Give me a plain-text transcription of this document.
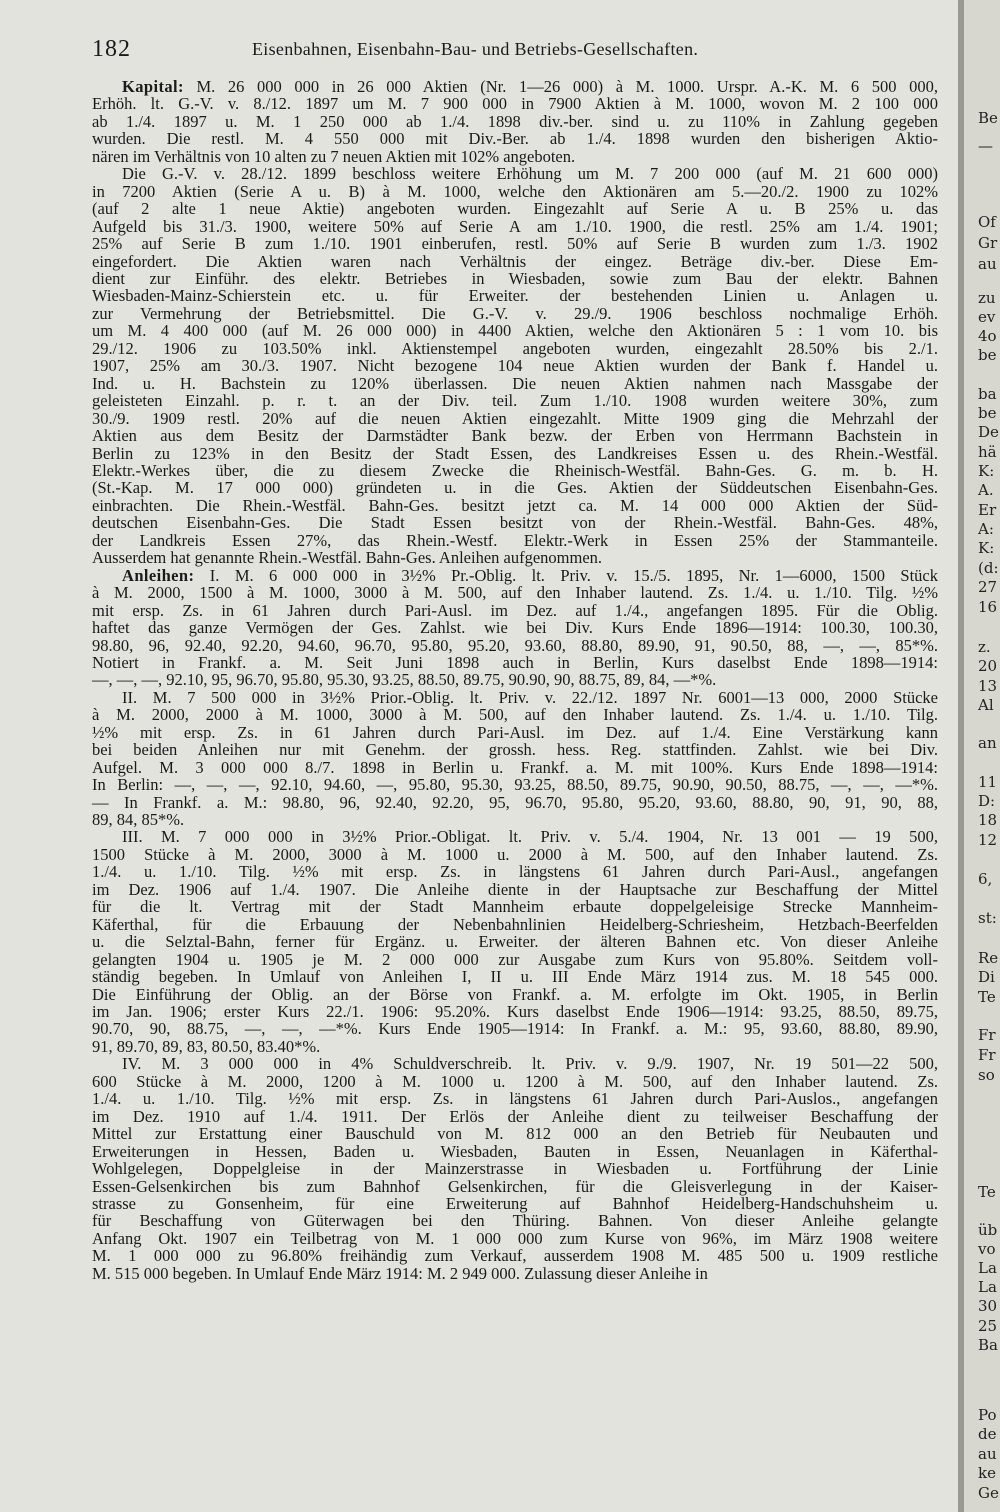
182	Eisenbahnen, Eisenbahn-Bau- und Betriebs-Gesellschaften.

Kapital: M. 26 000 000 in 26 000 Aktien (Nr. 1—26 000) à M. 1000. Urspr. A.-K. M. 6 500 000,
Erhöh. lt. G.-V. v. 8./12. 1897 um M. 7 900 000 in 7900 Aktien à M. 1000, wovon M. 2 100 000
ab 1./4. 1897 u. M. 1 250 000 ab 1./4. 1898 div.-ber. sind u. zu 110% in Zahlung gegeben
wurden. Die restl. M. 4 550 000 mit Div.-Ber. ab 1./4. 1898 wurden den bisherigen Aktio-
nären im Verhältnis von 10 alten zu 7 neuen Aktien mit 102% angeboten.

Die G.-V. v. 28./12. 1899 beschloss weitere Erhöhung um M. 7 200 000 (auf M. 21 600 000)
in 7200 Aktien (Serie A u. B) à M. 1000, welche den Aktionären am 5.—20./2. 1900 zu 102%
(auf 2 alte 1 neue Aktie) angeboten wurden. Eingezahlt auf Serie A u. B 25% u. das
Aufgeld bis 31./3. 1900, weitere 50% auf Serie A am 1./10. 1900, die restl. 25% am 1./4. 1901;
25% auf Serie B zum 1./10. 1901 einberufen, restl. 50% auf Serie B wurden zum 1./3. 1902
eingefordert. Die Aktien waren nach Verhältnis der eingez. Beträge div.-ber. Diese Em-
dient zur Einführ. des elektr. Betriebes in Wiesbaden, sowie zum Bau der elektr. Bahnen
Wiesbaden-Mainz-Schierstein etc. u. für Erweiter. der bestehenden Linien u. Anlagen u.
zur Vermehrung der Betriebsmittel. Die G.-V. v. 29./9. 1906 beschloss nochmalige Erhöh.
um M. 4 400 000 (auf M. 26 000 000) in 4400 Aktien, welche den Aktionären 5 : 1 vom 10. bis
29./12. 1906 zu 103.50% inkl. Aktienstempel angeboten wurden, eingezahlt 28.50% bis 2./1.
1907, 25% am 30./3. 1907. Nicht bezogene 104 neue Aktien wurden der Bank f. Handel u.
Ind. u. H. Bachstein zu 120% überlassen. Die neuen Aktien nahmen nach Massgabe der
geleisteten Einzahl. p. r. t. an der Div. teil. Zum 1./10. 1908 wurden weitere 30%, zum
30./9. 1909 restl. 20% auf die neuen Aktien eingezahlt. Mitte 1909 ging die Mehrzahl der
Aktien aus dem Besitz der Darmstädter Bank bezw. der Erben von Herrmann Bachstein in
Berlin zu 123% in den Besitz der Stadt Essen, des Landkreises Essen u. des Rhein.-Westfäl.
Elektr.-Werkes über, die zu diesem Zwecke die Rheinisch-Westfäl. Bahn-Ges. G. m. b. H.
(St.-Kap. M. 17 000 000) gründeten u. in die Ges. Aktien der Süddeutschen Eisenbahn-Ges.
einbrachten. Die Rhein.-Westfäl. Bahn-Ges. besitzt jetzt ca. M. 14 000 000 Aktien der Süd-
deutschen Eisenbahn-Ges. Die Stadt Essen besitzt von der Rhein.-Westfäl. Bahn-Ges. 48%,
der Landkreis Essen 27%, das Rhein.-Westf. Elektr.-Werk in Essen 25% der Stammanteile.
Ausserdem hat genannte Rhein.-Westfäl. Bahn-Ges. Anleihen aufgenommen.

Anleihen: I. M. 6 000 000 in 3½% Pr.-Oblig. lt. Priv. v. 15./5. 1895, Nr. 1—6000, 1500 Stück
à M. 2000, 1500 à M. 1000, 3000 à M. 500, auf den Inhaber lautend. Zs. 1./4. u. 1./10. Tilg. ½%
mit ersp. Zs. in 61 Jahren durch Pari-Ausl. im Dez. auf 1./4., angefangen 1895. Für die Oblig.
haftet das ganze Vermögen der Ges. Zahlst. wie bei Div. Kurs Ende 1896—1914: 100.30, 100.30,
98.80, 96, 92.40, 92.20, 94.60, 96.70, 95.80, 95.20, 93.60, 88.80, 89.90, 91, 90.50, 88, —, —, 85*%.
Notiert in Frankf. a. M. Seit Juni 1898 auch in Berlin, Kurs daselbst Ende 1898—1914:
—, —, —, 92.10, 95, 96.70, 95.80, 95.30, 93.25, 88.50, 89.75, 90.90, 90, 88.75, 89, 84, —*%.

II. M. 7 500 000 in 3½% Prior.-Oblig. lt. Priv. v. 22./12. 1897 Nr. 6001—13 000, 2000 Stücke
à M. 2000, 2000 à M. 1000, 3000 à M. 500, auf den Inhaber lautend. Zs. 1./4. u. 1./10. Tilg.
½% mit ersp. Zs. in 61 Jahren durch Pari-Ausl. im Dez. auf 1./4. Eine Verstärkung kann
bei beiden Anleihen nur mit Genehm. der grossh. hess. Reg. stattfinden. Zahlst. wie bei Div.
Aufgel. M. 3 000 000 8./7. 1898 in Berlin u. Frankf. a. M. mit 100%. Kurs Ende 1898—1914:
In Berlin: —, —, —, 92.10, 94.60, —, 95.80, 95.30, 93.25, 88.50, 89.75, 90.90, 90.50, 88.75, —, —, —*%.
— In Frankf. a. M.: 98.80, 96, 92.40, 92.20, 95, 96.70, 95.80, 95.20, 93.60, 88.80, 90, 91, 90, 88,
89, 84, 85*%.

III. M. 7 000 000 in 3½% Prior.-Obligat. lt. Priv. v. 5./4. 1904, Nr. 13 001 — 19 500,
1500 Stücke à M. 2000, 3000 à M. 1000 u. 2000 à M. 500, auf den Inhaber lautend. Zs.
1./4. u. 1./10. Tilg. ½% mit ersp. Zs. in längstens 61 Jahren durch Pari-Ausl., angefangen
im Dez. 1906 auf 1./4. 1907. Die Anleihe diente in der Hauptsache zur Beschaffung der Mittel
für die lt. Vertrag mit der Stadt Mannheim erbaute doppelgeleisige Strecke Mannheim-
Käferthal, für die Erbauung der Nebenbahnlinien Heidelberg-Schriesheim, Hetzbach-Beerfelden
u. die Selztal-Bahn, ferner für Ergänz. u. Erweiter. der älteren Bahnen etc. Von dieser Anleihe
gelangten 1904 u. 1905 je M. 2 000 000 zur Ausgabe zum Kurs von 95.80%. Seitdem voll-
ständig begeben. In Umlauf von Anleihen I, II u. III Ende März 1914 zus. M. 18 545 000.
Die Einführung der Oblig. an der Börse von Frankf. a. M. erfolgte im Okt. 1905, in Berlin
im Jan. 1906; erster Kurs 22./1. 1906: 95.20%. Kurs daselbst Ende 1906—1914: 93.25, 88.50, 89.75,
90.70, 90, 88.75, —, —, —*%. Kurs Ende 1905—1914: In Frankf. a. M.: 95, 93.60, 88.80, 89.90,
91, 89.70, 89, 83, 80.50, 83.40*%.

IV. M. 3 000 000 in 4% Schuldverschreib. lt. Priv. v. 9./9. 1907, Nr. 19 501—22 500,
600 Stücke à M. 2000, 1200 à M. 1000 u. 1200 à M. 500, auf den Inhaber lautend. Zs.
1./4. u. 1./10. Tilg. ½% mit ersp. Zs. in längstens 61 Jahren durch Pari-Auslos., angefangen
im Dez. 1910 auf 1./4. 1911. Der Erlös der Anleihe dient zu teilweiser Beschaffung der
Mittel zur Erstattung einer Bauschuld von M. 812 000 an den Betrieb für Neubauten und
Erweiterungen in Hessen, Baden u. Wiesbaden, Bauten in Essen, Neuanlagen in Käferthal-
Wohlgelegen, Doppelgleise in der Mainzerstrasse in Wiesbaden u. Fortführung der Linie
Essen-Gelsenkirchen bis zum Bahnhof Gelsenkirchen, für die Gleisverlegung in der Kaiser-
strasse zu Gonsenheim, für eine Erweiterung auf Bahnhof Heidelberg-Handschuhsheim u.
für Beschaffung von Güterwagen bei den Thüring. Bahnen. Von dieser Anleihe gelangte
Anfang Okt. 1907 ein Teilbetrag von M. 1 000 000 zum Kurse von 96%, im März 1908 weitere
M. 1 000 000 zu 96.80% freihändig zum Verkauf, ausserdem 1908 M. 485 500 u. 1909 restliche
M. 515 000 begeben. In Umlauf Ende März 1914: M. 2 949 000. Zulassung dieser Anleihe in

Be
—
Of
Gr
au
zu
ev
4o
be
ba
be
De
hä
K:
A.
Er
A:
K:
(d:
27
16
z.
20
13
Al
an
11
D:
18
12
6,
st:
Re
Di
Te
Fr
Fr
so
Te
üb
vo
La
La
30
25
Ba
Po
de
au
ke
Ge
